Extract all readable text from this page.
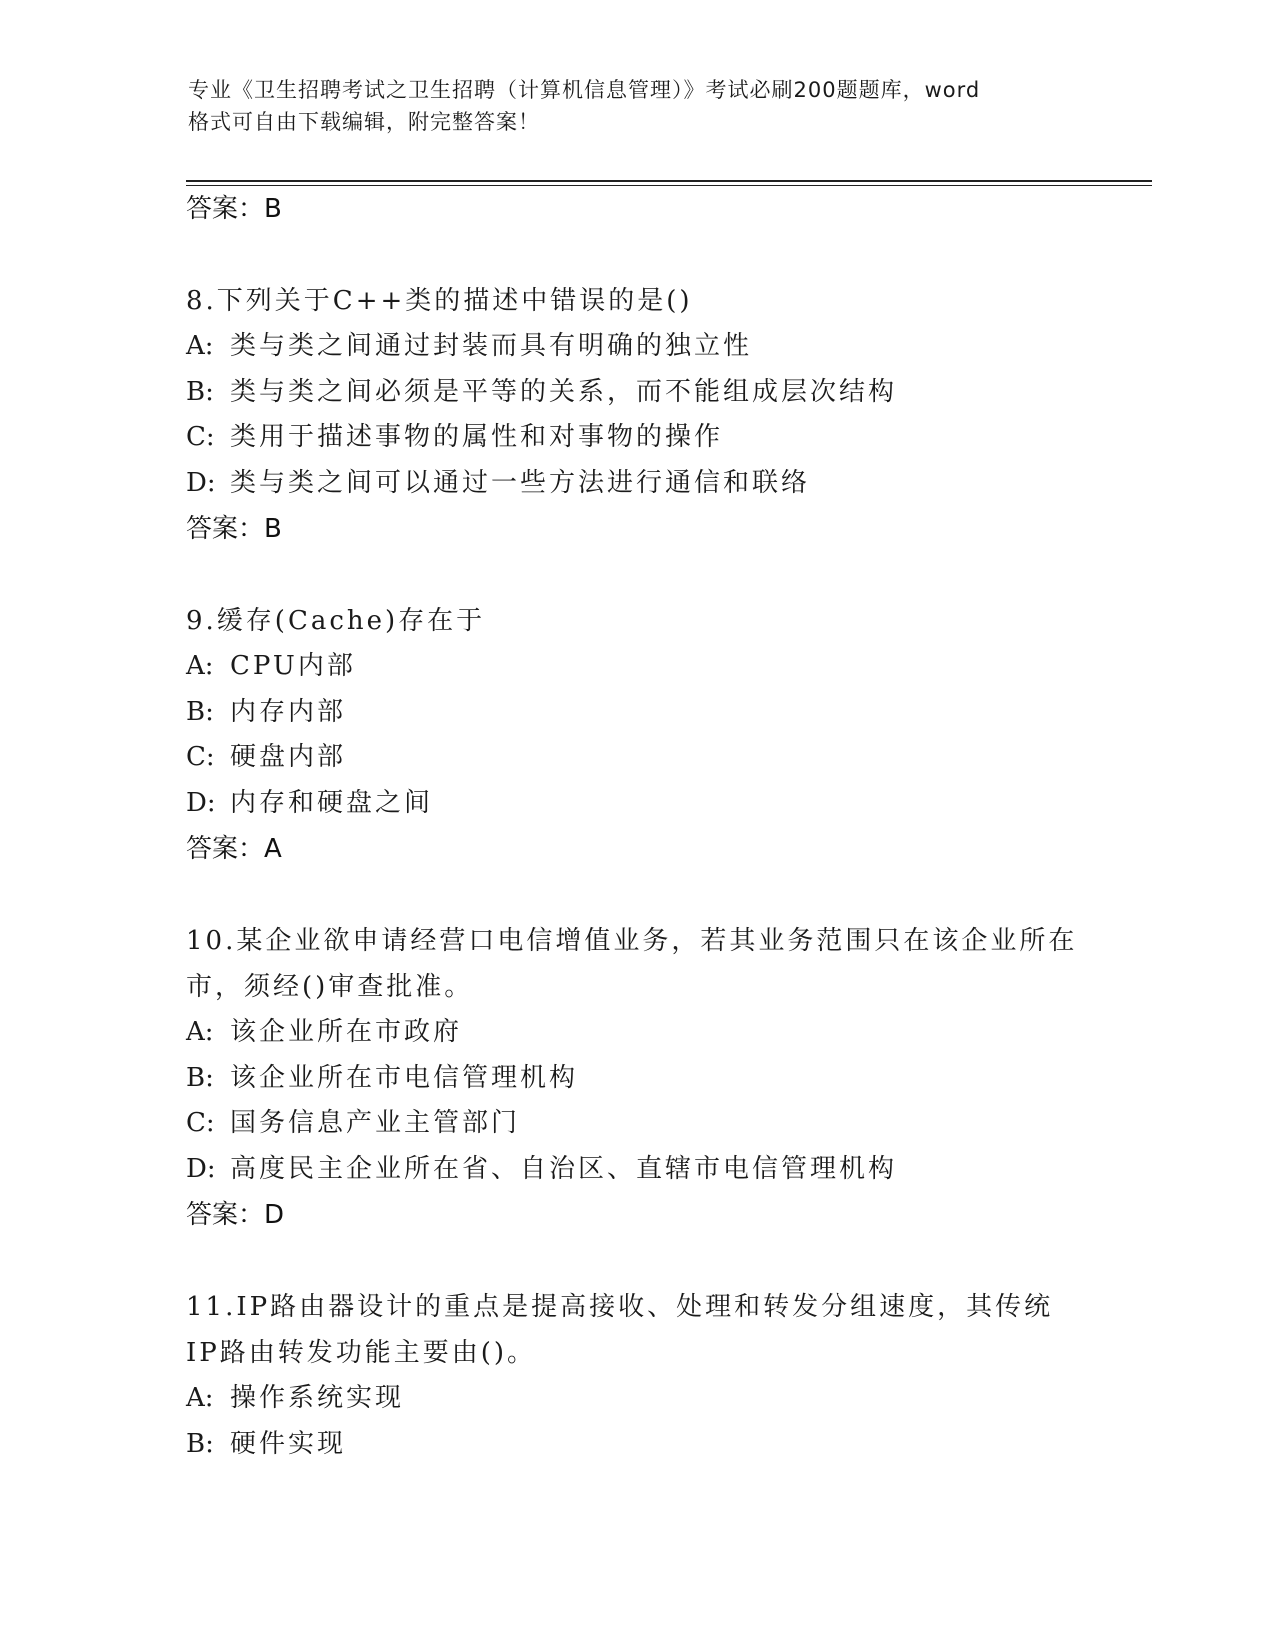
专业《卫生招聘考试之卫生招聘（计算机信息管理）》考试必刷200题题库，word
格式可自由下载编辑，附完整答案！
答案：B
8.下列关于C++类的描述中错误的是()
A: 类与类之间通过封装而具有明确的独立性
B: 类与类之间必须是平等的关系，而不能组成层次结构
C: 类用于描述事物的属性和对事物的操作
D: 类与类之间可以通过一些方法进行通信和联络
答案：B
9.缓存(Cache)存在于
A: CPU内部
B: 内存内部
C: 硬盘内部
D: 内存和硬盘之间
答案：A
10.某企业欲申请经营口电信增值业务，若其业务范围只在该企业所在
市，须经()审查批准。
A: 该企业所在市政府
B: 该企业所在市电信管理机构
C: 国务信息产业主管部门
D: 高度民主企业所在省、自治区、直辖市电信管理机构
答案：D
11.IP路由器设计的重点是提高接收、处理和转发分组速度，其传统
IP路由转发功能主要由()。
A: 操作系统实现
B: 硬件实现
